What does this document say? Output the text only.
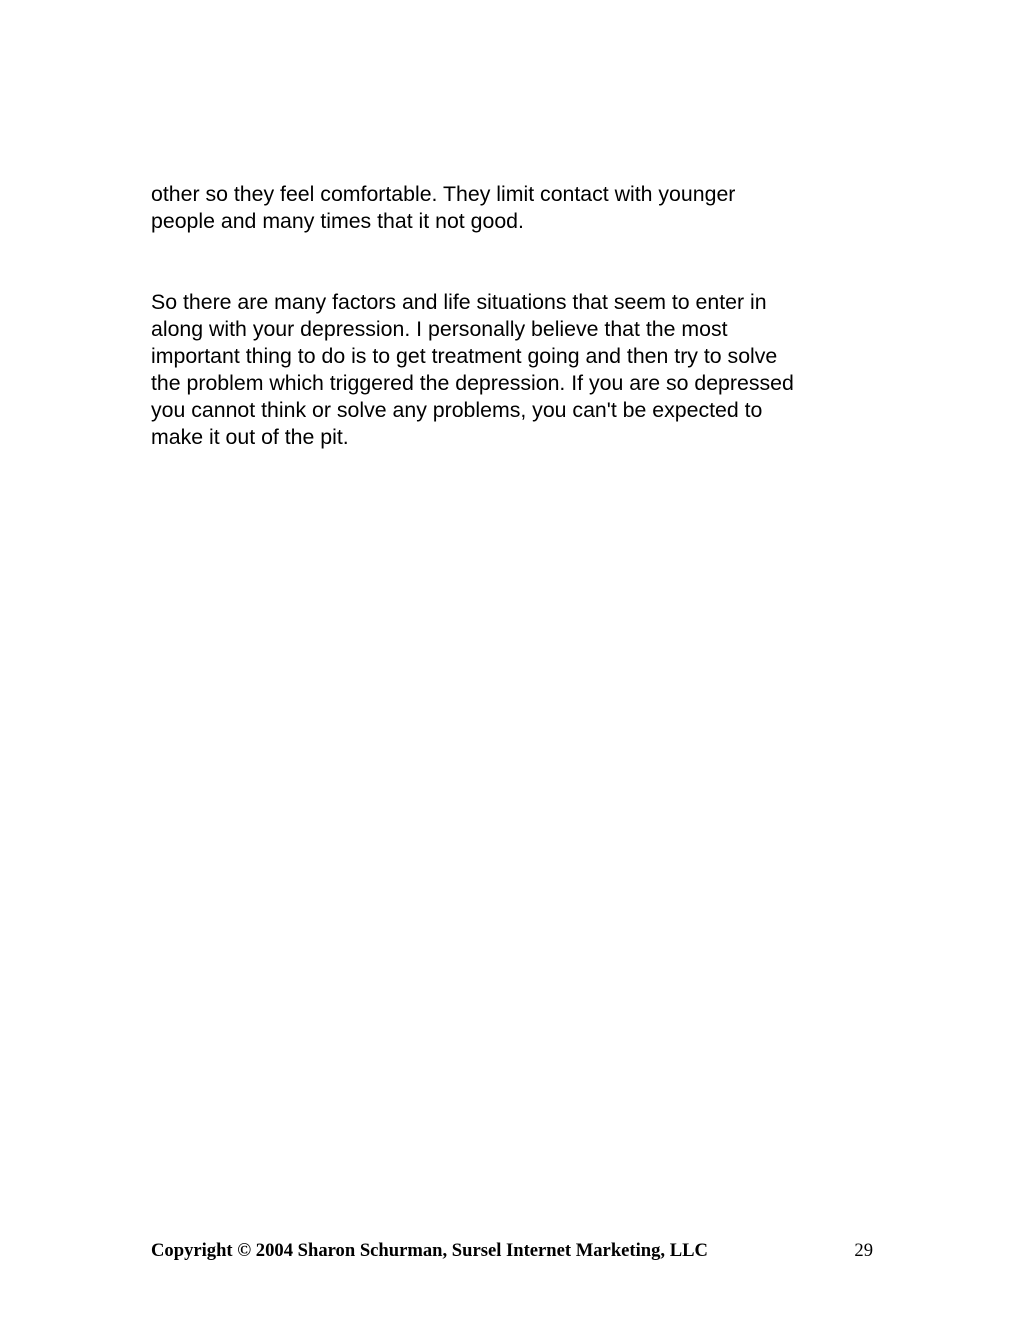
other so they feel comfortable. They limit contact with younger
people and many times that it not good.

So there are many factors and life situations that seem to enter in
along with your depression. I personally believe that the most
important thing to do is to get treatment going and then try to solve
the problem which triggered the depression. If you are so depressed
you cannot think or solve any problems, you can't be expected to
make it out of the pit.

Copyright © 2004 Sharon Schurman, Sursel Internet Marketing, LLC	29
